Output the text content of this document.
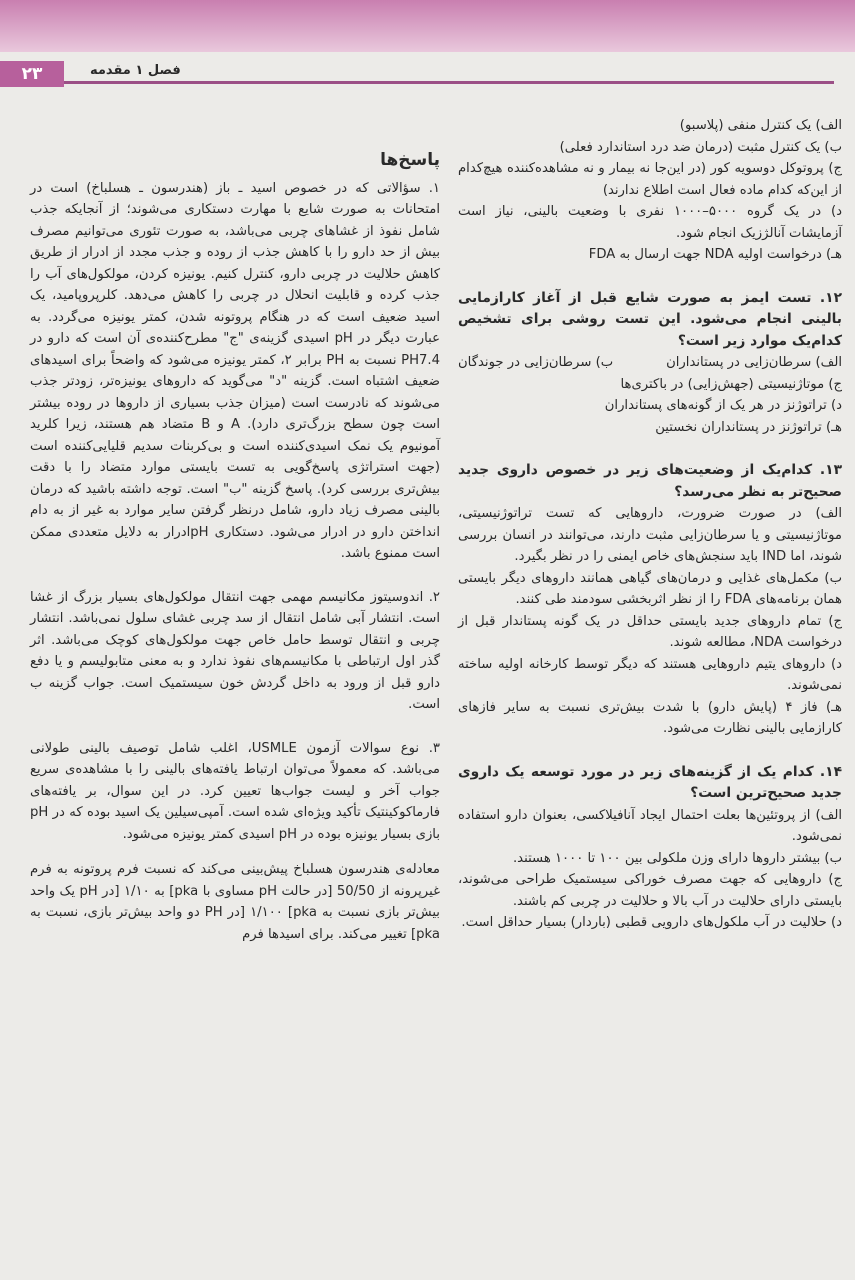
۲۳	فصل ۱ مقدمه

الف) یک کنترل منفی (پلاسبو)

ب) یک کنترل مثبت (درمان ضد درد استاندارد فعلی)

ج) پروتوکل دوسویه کور (در این‌جا نه بیمار و نه مشاهده‌کننده هیچ‌کدام از این‌که کدام ماده فعال است اطلاع ندارند)

د) در یک گروه ۵۰۰۰–۱۰۰۰ نفری با وضعیت بالینی، نیاز است آزمایشات آنالژزیک انجام شود.

هـ) درخواست اولیه NDA جهت ارسال به FDA

۱۲. تست ایمز به صورت شایع قبل از آغاز کارازمایی بالینی انجام می‌شود. این تست روشی برای تشخیص کدام‌یک موارد زیر است؟

الف) سرطان‌زایی در پستانداران
ب) سرطان‌زایی در جوندگان

ج) موتاژنیسیتی (جهش‌زایی) در باکتری‌ها

د) تراتوژنز در هر یک از گونه‌های پستانداران

هـ) تراتوژنز در پستانداران نخستین

۱۳. کدام‌یک از وضعیت‌های زیر در خصوص داروی جدید صحیح‌تر به نظر می‌رسد؟

الف) در صورت ضرورت، داروهایی که تست تراتوژنیسیتی، موتاژنیسیتی و یا سرطان‌زایی مثبت دارند، می‌توانند در انسان بررسی شوند، اما IND باید سنجش‌های خاص ایمنی را در نظر بگیرد.

ب) مکمل‌های غذایی و درمان‌های گیاهی همانند داروهای دیگر بایستی همان برنامه‌های FDA را از نظر اثربخشی سودمند طی کنند.

ج) تمام داروهای جدید بایستی حداقل در یک گونه پستاندار قبل از درخواست NDA، مطالعه شوند.

د) داروهای یتیم داروهایی هستند که دیگر توسط کارخانه اولیه ساخته نمی‌شوند.

هـ) فاز ۴ (پایش دارو) با شدت بیش‌تری نسبت به سایر فازهای کارازمایی بالینی نظارت می‌شود.

۱۴. کدام یک از گزینه‌های زیر در مورد توسعه یک داروی جدید صحیح‌ترین است؟

الف) از پروتئین‌ها بعلت احتمال ایجاد آنافیلاکسی، بعنوان دارو استفاده نمی‌شود.

ب) بیشتر داروها دارای وزن ملکولی بین ۱۰۰ تا ۱۰۰۰ هستند.

ج) داروهایی که جهت مصرف خوراکی سیستمیک طراحی می‌شوند، بایستی دارای حلالیت در آب بالا و حلالیت در چربی کم باشند.

د) حلالیت در آب ملکول‌های دارویی قطبی (باردار) بسیار حداقل است.

پاسخ‌ها

۱. سؤالاتی که در خصوص اسید ـ باز (هندرسون ـ هسلباخ) است در امتحانات به صورت شایع با مهارت دستکاری می‌شوند؛ از آنجایکه جذب شامل نفوذ از غشاهای چربی می‌باشد، به صورت تئوری می‌توانیم مصرف بیش از حد دارو را با کاهش جذب از روده و جذب مجدد از ادرار از طریق کاهش حلالیت در چربی دارو، کنترل کنیم. یونیزه کردن، مولکول‌های آب را جذب کرده و قابلیت انحلال در چربی را کاهش می‌دهد. کلرپروپامید، یک اسید ضعیف است که در هنگام پروتونه شدن، کمتر یونیزه می‌گردد. به عبارت دیگر در pH اسیدی گزینه‌ی "ج" مطرح‌کننده‌ی آن است که دارو در PH7.4 نسبت به PH برابر ۲، کمتر یونیزه می‌شود که واضحاً برای اسیدهای ضعیف اشتباه است. گزینه "د" می‌گوید که داروهای یونیزه‌تر، زودتر جذب می‌شوند که نادرست است (میزان جذب بسیاری از داروها در روده بیشتر است چون سطح بزرگ‌تری دارد). A و B متضاد هم هستند، زیرا کلرید آمونیوم یک نمک اسیدی‌کننده است و بی‌کربنات سدیم قلیایی‌کننده است (جهت استراتژی پاسخ‌گویی به تست بایستی موارد متضاد را با دقت بیش‌تری بررسی کرد). پاسخ گزینه "ب" است. توجه داشته باشید که درمان بالینی مصرف زیاد دارو، شامل درنظر گرفتن سایر موارد به غیر از به دام انداختن دارو در ادرار می‌شود. دستکاری pHادرار به دلایل متعددی ممکن است ممنوع باشد.

۲. اندوسیتوز مکانیسم مهمی جهت انتقال مولکول‌های بسیار بزرگ از غشا است. انتشار آبی شامل انتقال از سد چربی غشای سلول نمی‌باشد. انتشار چربی و انتقال توسط حامل خاص جهت مولکول‌های کوچک می‌باشد. اثر گذر اول ارتباطی با مکانیسم‌های نفوذ ندارد و به معنی متابولیسم و یا دفع دارو قبل از ورود به داخل گردش خون سیستمیک است. جواب گزینه ب است.

۳. نوع سوالات آزمون USMLE، اغلب شامل توصیف بالینی طولانی می‌باشد. که معمولاً می‌توان ارتباط یافته‌های بالینی را با مشاهده‌ی سریع جواب آخر و لیست جواب‌ها تعیین کرد. در این سوال، بر یافته‌های فارماکوکینتیک تأکید ویژه‌ای شده است. آمپی‌سیلین یک اسید بوده که در pH بازی بسیار یونیزه بوده در pH اسیدی کمتر یونیزه می‌شود.

معادله‌ی هندرسون هسلباخ پیش‌بینی می‌کند که نسبت فرم پروتونه به فرم غیرپرونه از 50/50 [در حالت pH مساوی با pka] به ۱/۱۰ [در pH یک واحد بیش‌تر بازی نسبت به pka] ۱/۱۰۰ [در PH دو واحد بیش‌تر بازی، نسبت به pka] تغییر می‌کند. برای اسیدها فرم
